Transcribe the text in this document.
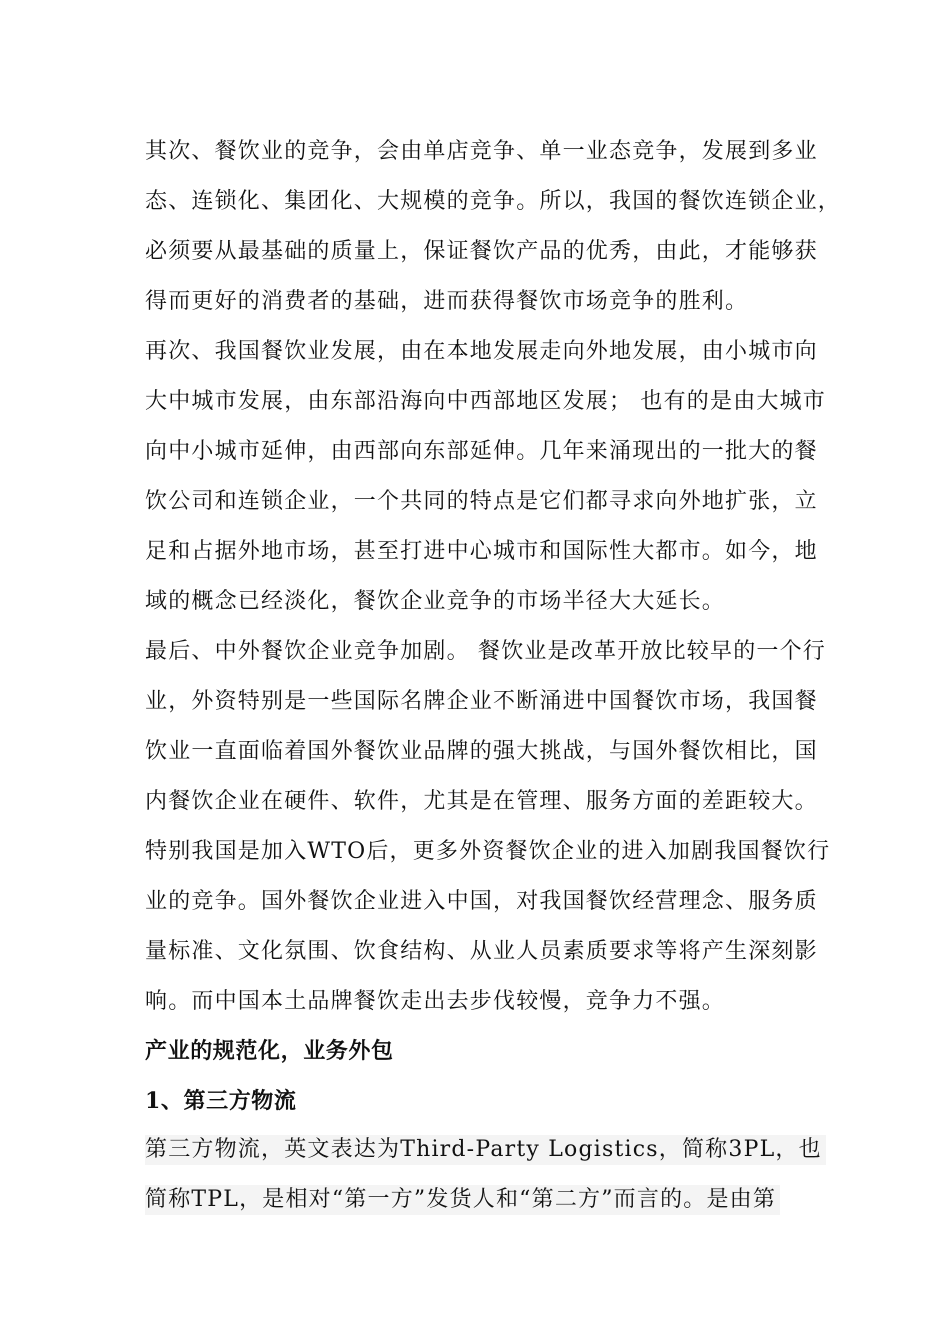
其次、餐饮业的竞争，会由单店竞争、单一业态竞争，发展到多业
态、连锁化、集团化、大规模的竞争。所以，我国的餐饮连锁企业，
必须要从最基础的质量上，保证餐饮产品的优秀，由此，才能够获
得而更好的消费者的基础，进而获得餐饮市场竞争的胜利。
再次、我国餐饮业发展，由在本地发展走向外地发展，由小城市向
大中城市发展，由东部沿海向中西部地区发展； 也有的是由大城市
向中小城市延伸，由西部向东部延伸。几年来涌现出的一批大的餐
饮公司和连锁企业，一个共同的特点是它们都寻求向外地扩张，立
足和占据外地市场，甚至打进中心城市和国际性大都市。如今，地
域的概念已经淡化，餐饮企业竞争的市场半径大大延长。
最后、中外餐饮企业竞争加剧。 餐饮业是改革开放比较早的一个行
业，外资特别是一些国际名牌企业不断涌进中国餐饮市场，我国餐
饮业一直面临着国外餐饮业品牌的强大挑战，与国外餐饮相比，国
内餐饮企业在硬件、软件，尤其是在管理、服务方面的差距较大。
特别我国是加入WTO后，更多外资餐饮企业的进入加剧我国餐饮行
业的竞争。国外餐饮企业进入中国，对我国餐饮经营理念、服务质
量标准、文化氛围、饮食结构、从业人员素质要求等将产生深刻影
响。而中国本土品牌餐饮走出去步伐较慢，竞争力不强。
产业的规范化，业务外包
1、第三方物流
第三方物流，英文表达为Third-Party Logistics，简称3PL，也
简称TPL，是相对“第一方”发货人和“第二方”而言的。是由第
